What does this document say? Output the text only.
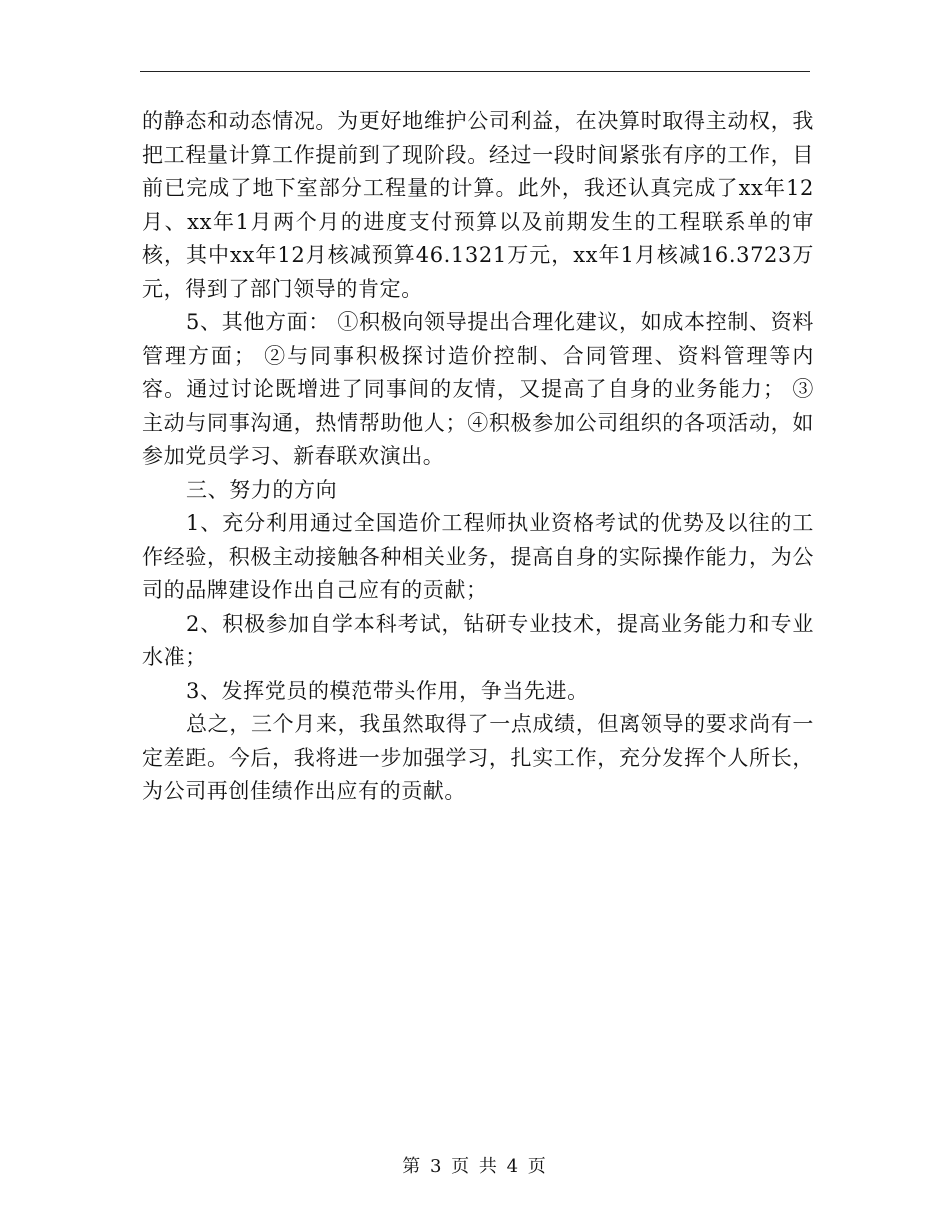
的静态和动态情况。为更好地维护公司利益，在决算时取得主动权，我把工程量计算工作提前到了现阶段。经过一段时间紧张有序的工作，目前已完成了地下室部分工程量的计算。此外，我还认真完成了xx年12月、xx年1月两个月的进度支付预算以及前期发生的工程联系单的审核，其中xx年12月核减预算46.1321万元，xx年1月核减16.3723万元，得到了部门领导的肯定。

5、其他方面： ①积极向领导提出合理化建议，如成本控制、资料管理方面； ②与同事积极探讨造价控制、合同管理、资料管理等内容。通过讨论既增进了同事间的友情，又提高了自身的业务能力； ③主动与同事沟通，热情帮助他人；④积极参加公司组织的各项活动，如参加党员学习、新春联欢演出。

三、努力的方向

1、充分利用通过全国造价工程师执业资格考试的优势及以往的工作经验，积极主动接触各种相关业务，提高自身的实际操作能力，为公司的品牌建设作出自己应有的贡献；

2、积极参加自学本科考试，钻研专业技术，提高业务能力和专业水准；

3、发挥党员的模范带头作用，争当先进。

总之，三个月来，我虽然取得了一点成绩，但离领导的要求尚有一定差距。今后，我将进一步加强学习，扎实工作，充分发挥个人所长，为公司再创佳绩作出应有的贡献。

第 3 页 共 4 页
